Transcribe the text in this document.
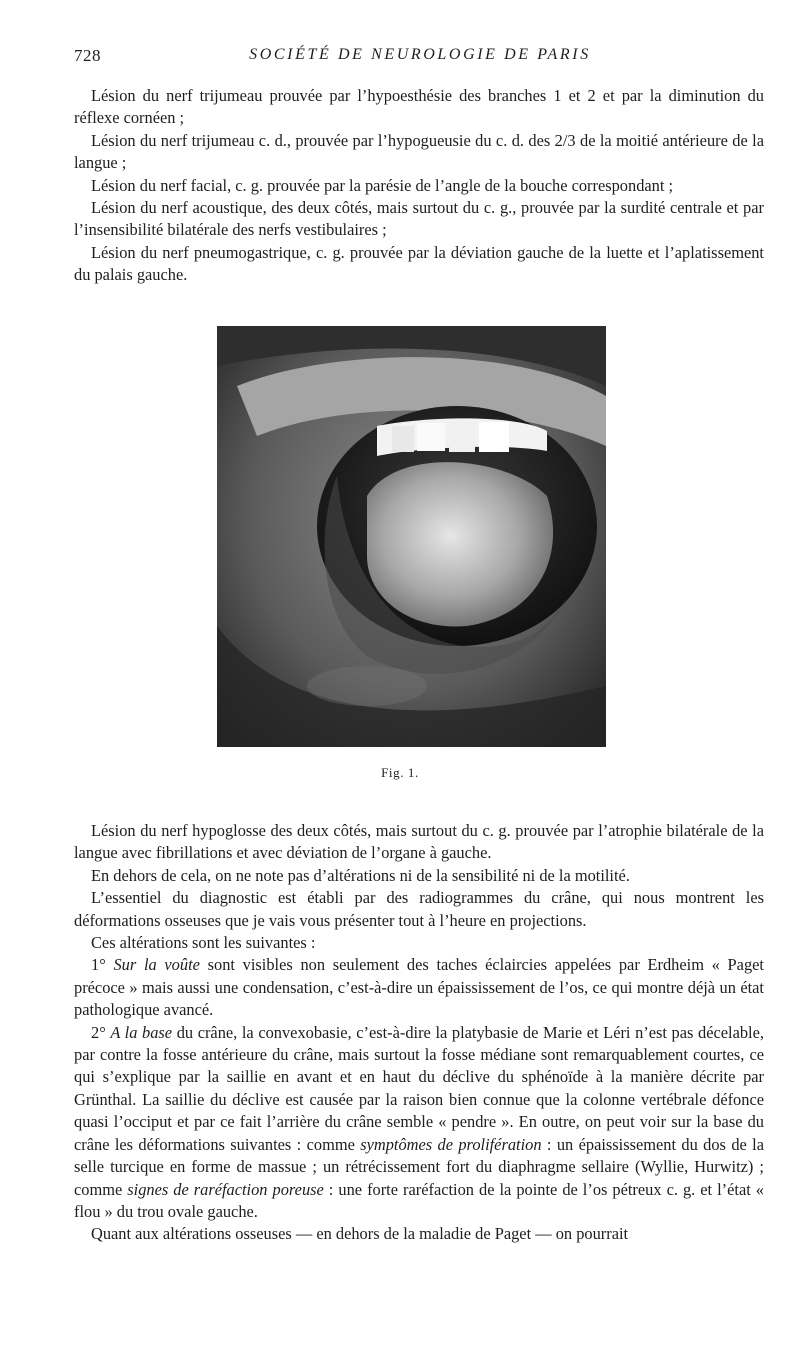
728	SOCIÉTÉ DE NEUROLOGIE DE PARIS

Lésion du nerf trijumeau prouvée par l’hypoesthésie des branches 1 et 2 et par la diminution du réflexe cornéen ;

Lésion du nerf trijumeau c. d., prouvée par l’hypogueusie du c. d. des 2/3 de la moitié antérieure de la langue ;

Lésion du nerf facial, c. g. prouvée par la parésie de l’angle de la bouche correspondant ;

Lésion du nerf acoustique, des deux côtés, mais surtout du c. g., prouvée par la surdité centrale et par l’insensibilité bilatérale des nerfs vestibulaires ;

Lésion du nerf pneumogastrique, c. g. prouvée par la déviation gauche de la luette et l’aplatissement du palais gauche.

Fig. 1.

Lésion du nerf hypoglosse des deux côtés, mais surtout du c. g. prouvée par l’atrophie bilatérale de la langue avec fibrillations et avec déviation de l’organe à gauche.

En dehors de cela, on ne note pas d’altérations ni de la sensibilité ni de la motilité.

L’essentiel du diagnostic est établi par des radiogrammes du crâne, qui nous montrent les déformations osseuses que je vais vous présenter tout à l’heure en projections.

Ces altérations sont les suivantes :

1° Sur la voûte sont visibles non seulement des taches éclaircies appelées par Erdheim « Paget précoce » mais aussi une condensation, c’est-à-dire un épaississement de l’os, ce qui montre déjà un état pathologique avancé.

2° A la base du crâne, la convexobasie, c’est-à-dire la platybasie de Marie et Léri n’est pas décelable, par contre la fosse antérieure du crâne, mais surtout la fosse médiane sont remarquablement courtes, ce qui s’explique par la saillie en avant et en haut du déclive du sphénoïde à la manière décrite par Grünthal. La saillie du déclive est causée par la raison bien connue que la colonne vertébrale défonce quasi l’occiput et par ce fait l’arrière du crâne semble « pendre ». En outre, on peut voir sur la base du crâne les déformations suivantes : comme symptômes de prolifération : un épaississement du dos de la selle turcique en forme de massue ; un rétrécissement fort du diaphragme sellaire (Wyllie, Hurwitz) ; comme signes de raréfaction poreuse : une forte raréfaction de la pointe de l’os pétreux c. g. et l’état « flou » du trou ovale gauche.

Quant aux altérations osseuses — en dehors de la maladie de Paget — on pourrait
